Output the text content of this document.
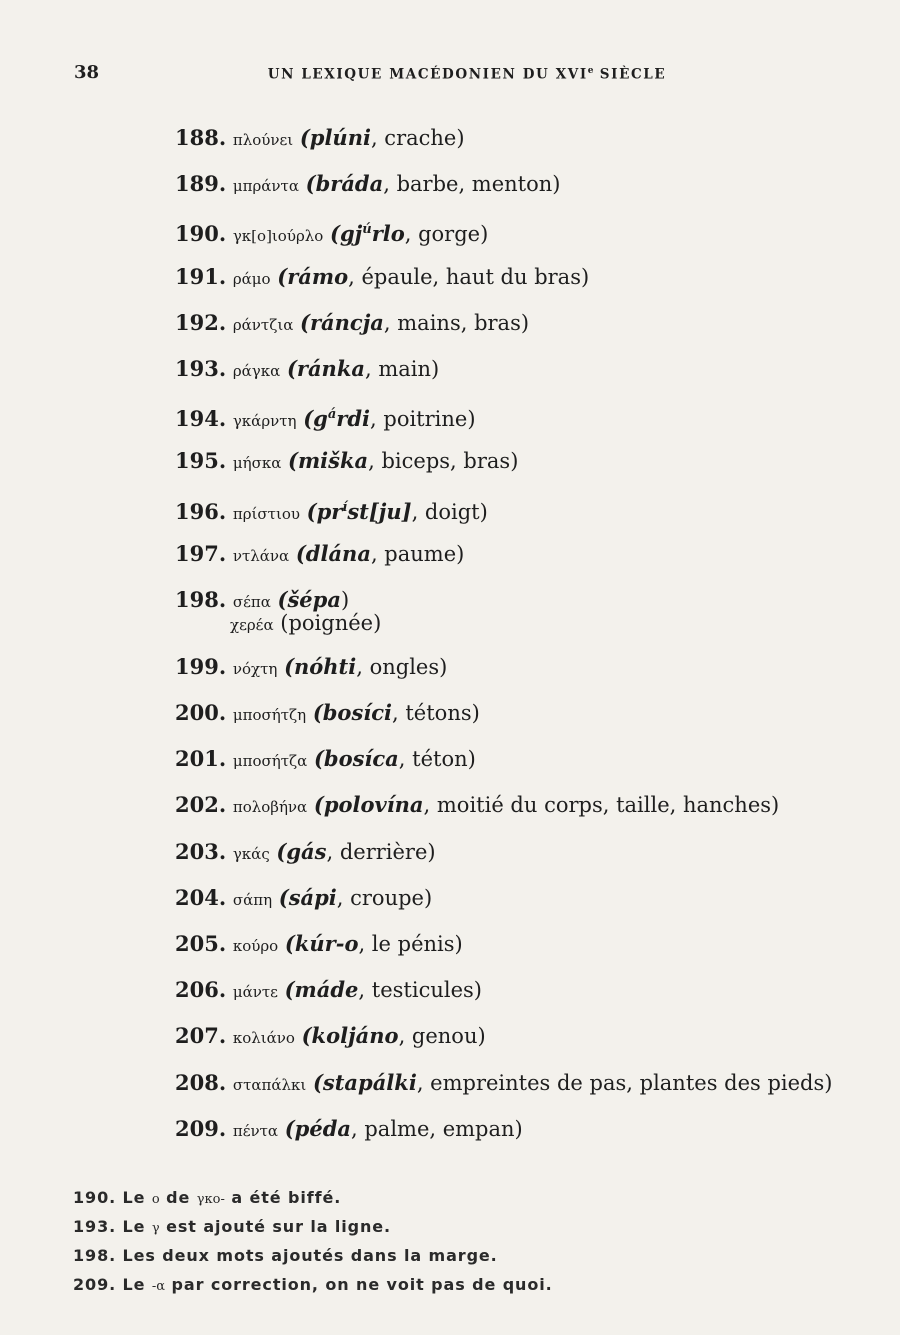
38	UN LEXIQUE MACÉDONIEN DU XVIe SIÈCLE
188. πλούνει (plúni, crache)
189. μπράντα (bráda, barbe, menton)
190. γκ[ο]ιούρλο ($gj^úrlo$, gorge)
191. ράμο (rámo, épaule, haut du bras)
192. ράντζια (ráncja, mains, bras)
193. ράγκα (ránka, main)
194. γκάρντη ($g^árdi$, poitrine)
195. μήσκα (miška, biceps, bras)
196. πρίστιου ($pr^íst[ju]$, doigt)
197. ντλάνα (dlána, paume)
198. σέπα (šépa)
χερέα (poignée)
199. νόχτη (nóhti, ongles)
200. μποσήτζη (bosíci, tétons)
201. μποσήτζα (bosíca, téton)
202. πολοβήνα (polovína, moitié du corps, taille, hanches)
203. γκάς (gás, derrière)
204. σάπη (sápi, croupe)
205. κούρο (kúr-o, le pénis)
206. μάντε (máde, testicules)
207. κολιάνο (koljáno, genou)
208. σταπάλκι (stapálki, empreintes de pas, plantes des pieds)
209. πέντα (péda, palme, empan)
190. Le ο de γκο- a été biffé.
193. Le γ est ajouté sur la ligne.
198. Les deux mots ajoutés dans la marge.
209. Le -α par correction, on ne voit pas de quoi.
